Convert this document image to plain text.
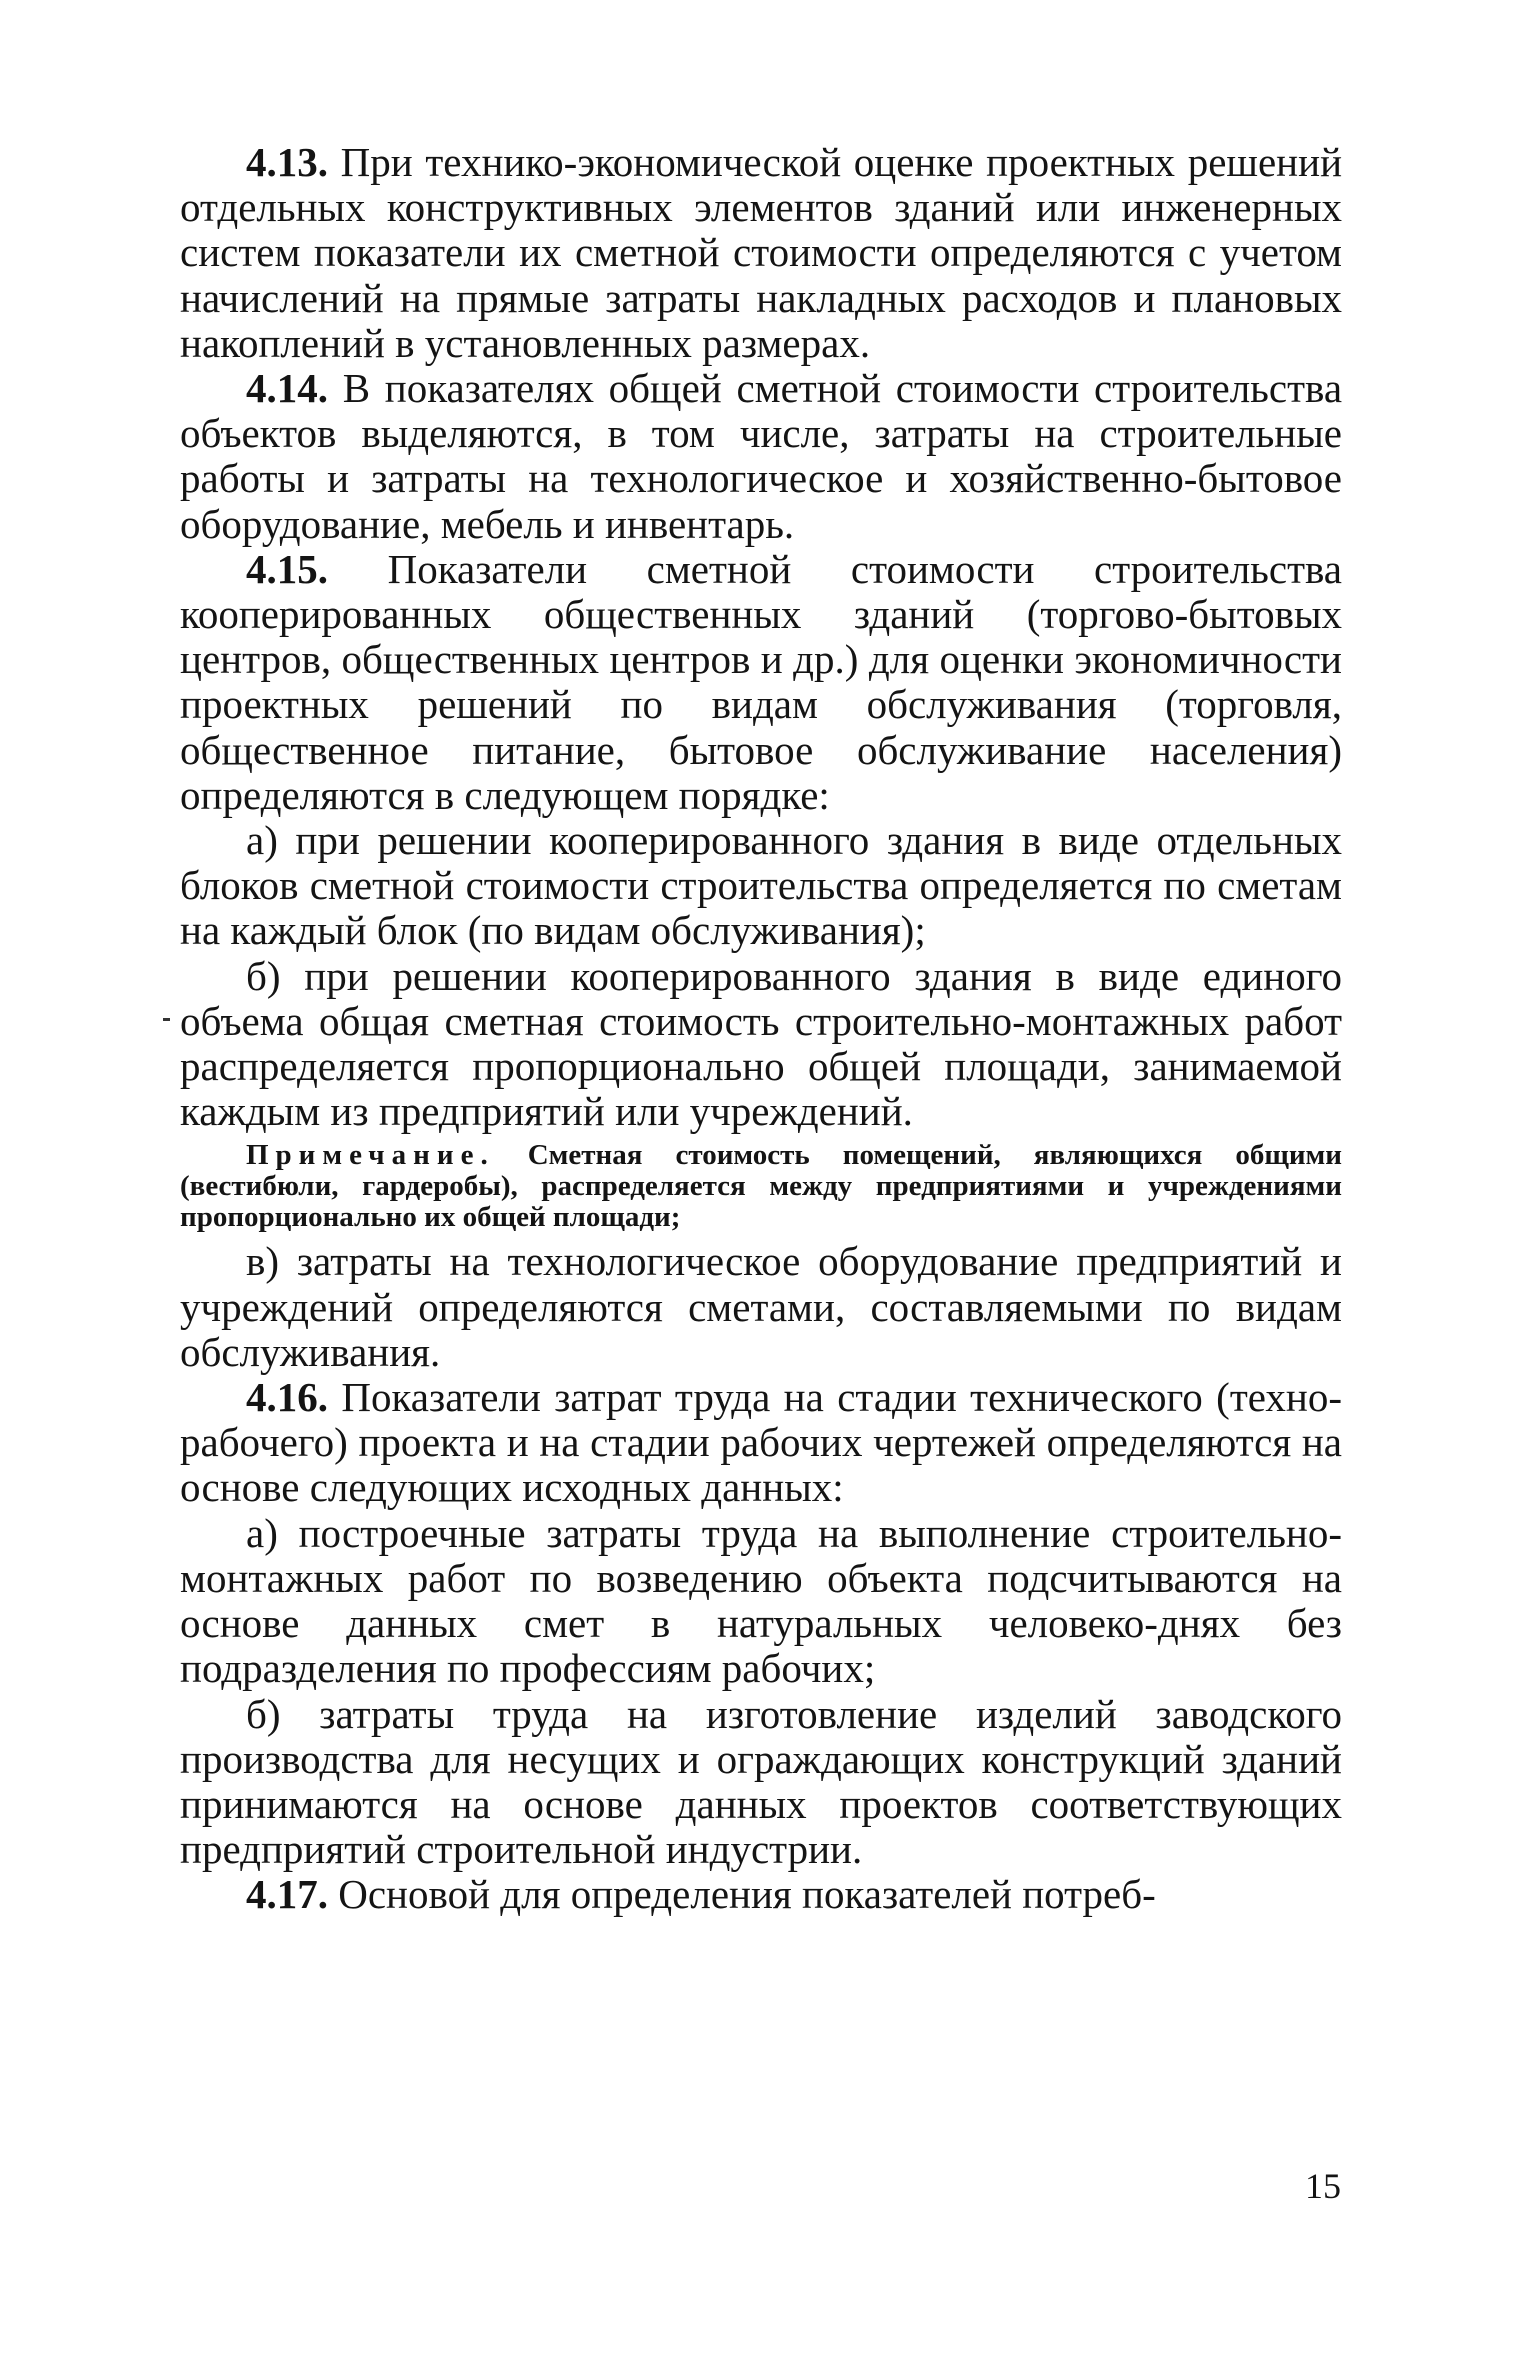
4.13. При технико-экономической оценке проектных решений отдельных конструктивных элементов зданий или инженерных систем показатели их сметной стоимости определяются с учетом начислений на прямые затраты накладных расходов и плановых накоплений в установленных размерах.

4.14. В показателях общей сметной стоимости строительства объектов выделяются, в том числе, затраты на строительные работы и затраты на технологическое и хозяйственно-бытовое оборудование, мебель и инвентарь.

4.15. Показатели сметной стоимости строительства кооперированных общественных зданий (торгово-бытовых центров, общественных центров и др.) для оценки экономичности проектных решений по видам обслуживания (торговля, общественное питание, бытовое обслуживание населения) определяются в следующем порядке:

а) при решении кооперированного здания в виде отдельных блоков сметной стоимости строительства определяется по сметам на каждый блок (по видам обслуживания);

б) при решении кооперированного здания в виде единого объема общая сметная стоимость строительно-монтажных работ распределяется пропорционально общей площади, занимаемой каждым из предприятий или учреждений.

Примечание. Сметная стоимость помещений, являющихся общими (вестибюли, гардеробы), распределяется между предприятиями и учреждениями пропорционально их общей площади;

в) затраты на технологическое оборудование предприятий и учреждений определяются сметами, составляемыми по видам обслуживания.

4.16. Показатели затрат труда на стадии технического (техно-рабочего) проекта и на стадии рабочих чертежей определяются на основе следующих исходных данных:

а) построечные затраты труда на выполнение строительно-монтажных работ по возведению объекта подсчитываются на основе данных смет в натуральных человеко-днях без подразделения по профессиям рабочих;

б) затраты труда на изготовление изделий заводского производства для несущих и ограждающих конструкций зданий принимаются на основе данных проектов соответствующих предприятий строительной индустрии.

4.17. Основой для определения показателей потреб-

15
